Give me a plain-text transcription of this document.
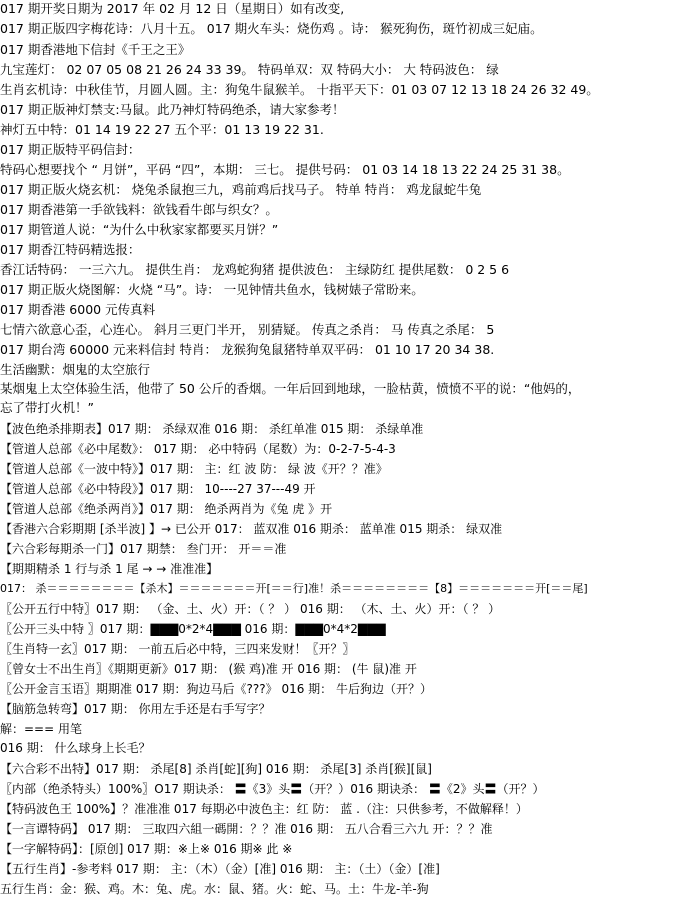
017 期开奖日期为 2017 年 02 月 12 日（星期日）如有改变,
017 期正版四字梅花诗：八月十五。 017 期火车头：烧伤鸡 。诗： 猴死狗伤，斑竹初成三妃庙。
017 期香港地下信封《千王之王》
九宝莲灯： 02 07 05 08 21 26 24 33 39。 特码单双：双 特码大小： 大 特码波色： 绿
生肖玄机诗：中秋佳节，月圆人圆。主：狗兔牛鼠猴羊。 十指平天下：01 03 07 12 13 18 24 26 32 49。
017 期正版神灯禁支:马鼠。此乃神灯特码绝杀，请大家参考！
神灯五中特：01 14 19 22 27 五个平：01 13 19 22 31.
017 期正版特平码信封：
特码心想要找个 “ 月饼”，平码 “四”，本期： 三七。 提供号码： 01 03 14 18 13 22 24 25 31 38。
017 期正版火烧玄机： 烧兔杀鼠抱三九，鸡前鸡后找马子。 特单 特肖： 鸡龙鼠蛇牛兔
017 期香港第一手欲钱料：欲钱看牛郎与织女？。
017 期管道人说：“为什么中秋家家都要买月饼？”
017 期香江特码精选报：
香江话特码： 一三六九。 提供生肖： 龙鸡蛇狗猪 提供波色： 主绿防红 提供尾数： 0 2 5 6
017 期正版火烧图解：火烧 “马”。诗： 一见钟情共鱼水，钱树婊子常盼来。
017 期香港 6000 元传真料
七情六欲意心歪，心连心。 斜月三更门半开， 别猜疑。 传真之杀肖： 马 传真之杀尾： 5
017 期台湾 60000 元来料信封 特肖： 龙猴狗兔鼠猪特单双平码： 01 10 17 20 34 38.
生活幽默：烟鬼的太空旅行
某烟鬼上太空体验生活，他带了 50 公斤的香烟。一年后回到地球，一脸枯黄，愤愤不平的说：“他妈的，
忘了带打火机！”
【波色绝杀排期表】017 期： 杀绿双准 016 期： 杀红单准 015 期： 杀绿单准
【管道人总部《必中尾数》： 017 期： 必中特码（尾数）为：0-2-7-5-4-3
【管道人总部《一波中特》】017 期： 主：红 波 防： 绿 波《开？？准》
【管道人总部《必中特段》】017 期： 10----27 37---49 开
【管道人总部《绝杀两肖》】017 期： 绝杀两肖为《兔 虎 》开
【香港六合彩期期 [杀半波] 】→ 已公开 017： 蓝双准 016 期杀： 蓝单准 015 期杀： 绿双准
【六合彩每期杀一门】017 期禁： 叁门开： 开＝＝准
【期期精杀 1 行与杀 1 尾 → → 准准准】
017： 杀＝＝＝＝＝＝＝＝【杀木】＝＝＝＝＝＝＝开[＝＝行]准！杀＝＝＝＝＝＝＝＝【8】＝＝＝＝＝＝＝开[＝＝尾]
〖公开五行中特〗017 期： （金、土、火）开：（ ？ ） 016 期： （木、土、火）开：（ ？ ）
〖公开三头中特 〗017 期：▇▇▇0*2*4▇▇▇ 016 期：▇▇▇0*4*2▇▇▇
〖生肖特一玄〗017 期： 一前五后必中特，三四来发财！〖开？〗
〖曾女士不出生肖〗《期期更新》017 期： (猴 鸡)准 开 016 期： (牛 鼠)准 开
〖公开金言玉语〗期期准 017 期：狗边马后《???》 016 期： 牛后狗边（开？）
【脑筋急转弯】017 期： 你用左手还是右手写字？
解：=== 用笔
016 期： 什么球身上长毛？
【六合彩不出特】017 期： 杀尾[8] 杀肖[蛇][狗] 016 期： 杀尾[3] 杀肖[猴][鼠]
〖内部（绝杀特头）100%〗O17 期诀杀： 〓《3》头〓（开？）016 期诀杀： 〓《2》头〓（开？）
【特码波色王 100%】？准准准 017 每期必中波色主：红 防： 蓝 .（注：只供参考，不做解释！）
【一言谭特码】 017 期： 三取四六組一碼開：？？准 016 期： 五八合看三六九 开：？？准
【一字解特码】：[原创] 017 期：※上※ 016 期※ 此 ※
【五行生肖】-参考料 017 期： 主：（木）（金）[准] 016 期： 主：（土）（金）[准]
五行生肖：金：猴、鸡。木：兔、虎。水：鼠、猪。火：蛇、马。土：牛龙-羊-狗
